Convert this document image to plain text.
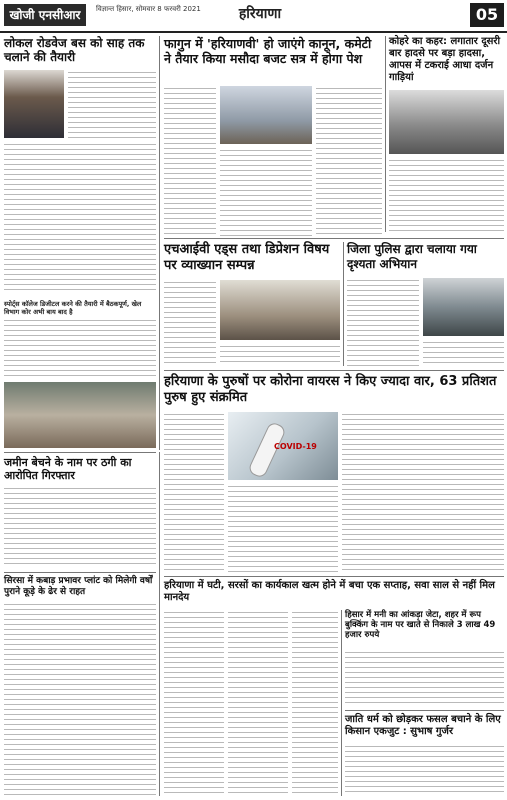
खोजी एनसीआर	विज्ञान्त हिसार, सोमवार 8 फरवरी 2021	हरियाणा	05
लोकल रोडवेज बस को साह तक चलाने की तैयारी
स्पोर्ट्स कॉलेज डिजीटल करने की तैयारी में बैठकपूर्ण, खेल विभाग कोर अभी बाय बाद है
फागुन में 'हरियाणवी' हो जाएंगे कानून, कमेटी ने तैयार किया मसौदा बजट सत्र में होगा पेश
कोहरे का कहर: लगातार दूसरी बार हादसे पर बड़ा हादसा, आपस में टकराई आधा दर्जन गाड़ियां
एचआईवी एड्स तथा डिप्रेशन विषय पर व्याख्यान सम्पन्न
जिला पुलिस द्वारा चलाया गया दृश्यता अभियान
हरियाणा के पुरुषों पर कोरोना वायरस ने किए ज्यादा वार, 63 प्रतिशत पुरुष हुए संक्रमित
COVID-19
जमीन बेचने के नाम पर ठगी का आरोपित गिरफ्तार
सिरसा में कबाड़ प्रभावर प्लांट को मिलेगी वर्षों पुराने कूड़े के ढेर से राहत
हरियाणा में घटी, सरसों का कार्यकाल खत्म होने में बचा एक सप्ताह, सवा साल से नहीं मिल मानदेय
हिसार में मनी का आंकड़ा जेटा, शहर में रूप बुक्किंग के नाम पर खाते से निकाले 3 लाख 49 हजार रुपये
जाति धर्म को छोड़कर फसल बचाने के लिए किसान एकजुट : सुभाष गुर्जर
